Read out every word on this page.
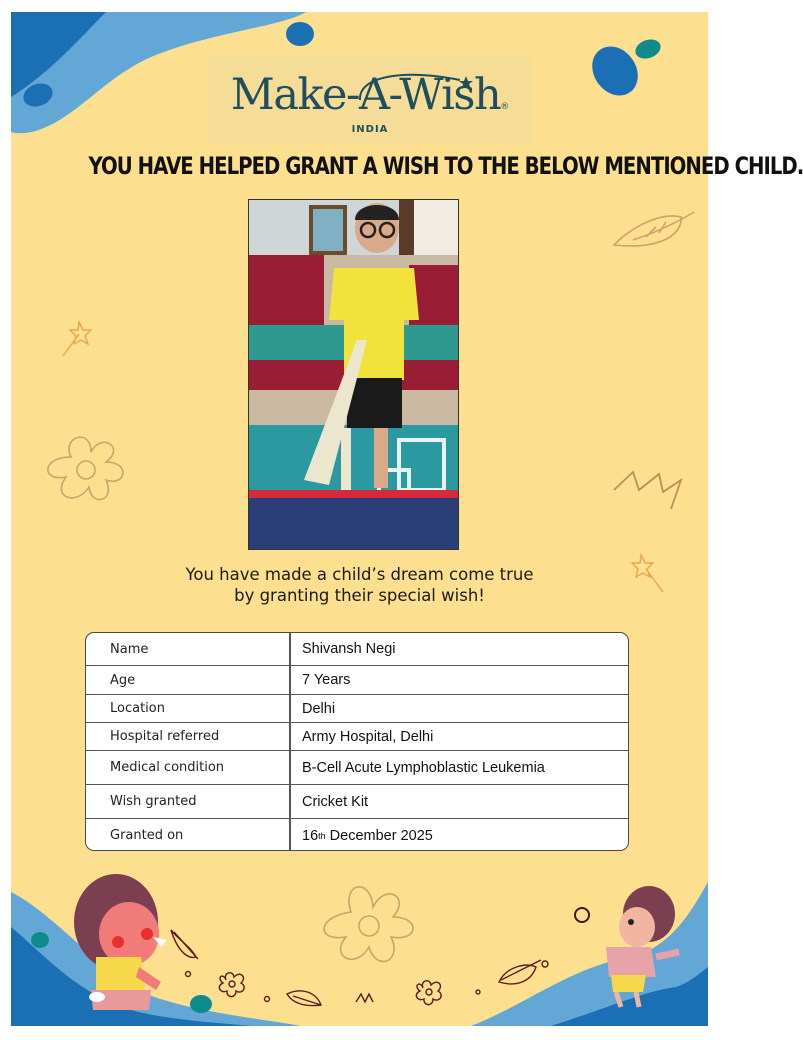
Make-A-Wish®
INDIA
YOU HAVE HELPED GRANT A WISH TO THE BELOW MENTIONED CHILD.
You have made a child’s dream come true
by granting their special wish!
Name	Shivansh Negi
Age	7 Years
Location	Delhi
Hospital referred	Army Hospital, Delhi
Medical condition	B-Cell Acute Lymphoblastic Leukemia
Wish granted	Cricket Kit
Granted on	16 th December 2025
